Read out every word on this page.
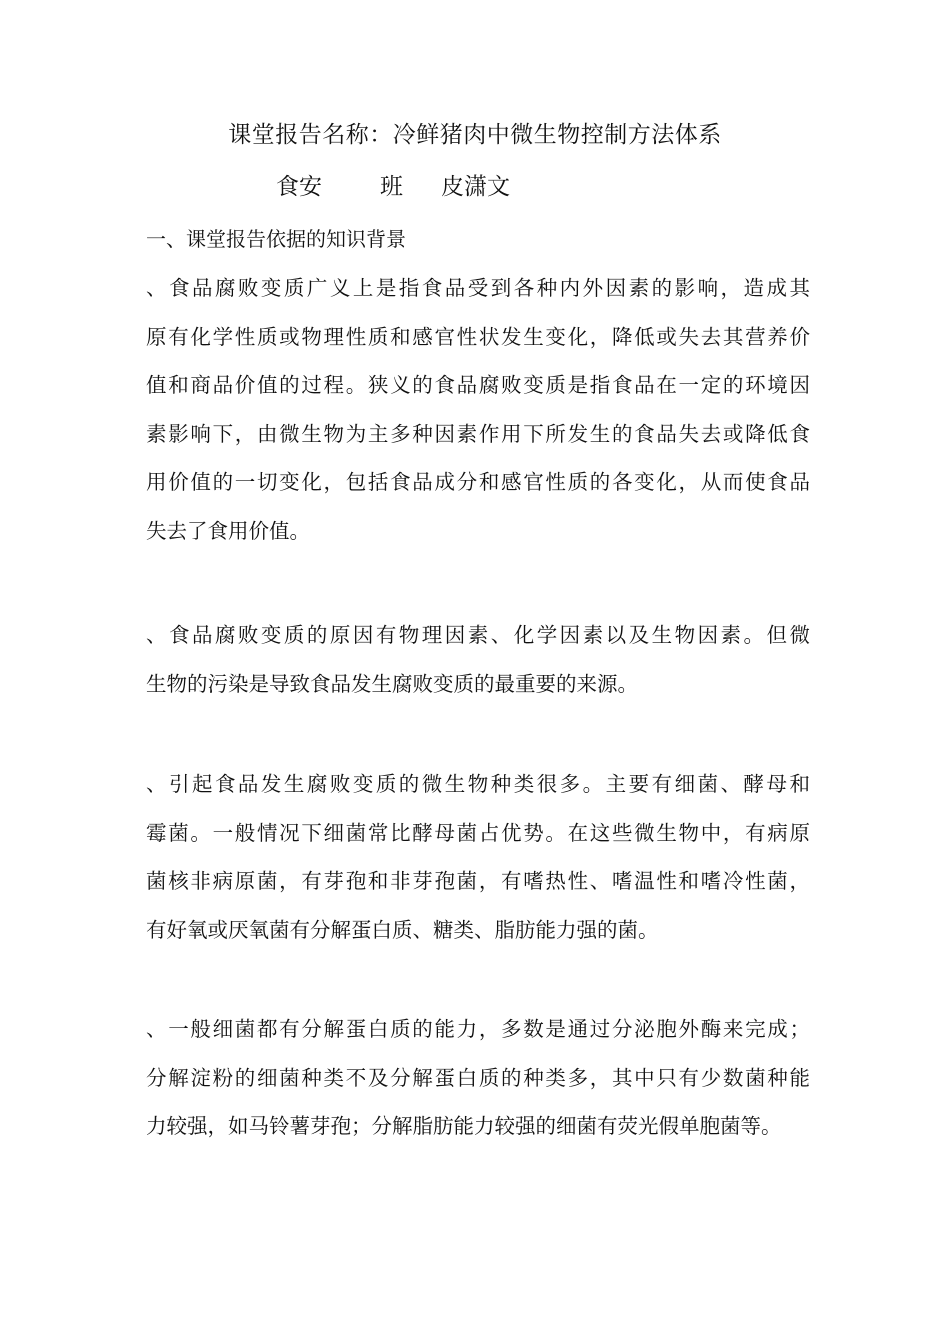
课堂报告名称：冷鲜猪肉中微生物控制方法体系
食安	班 皮潇文
一、课堂报告依据的知识背景
、食品腐败变质广义上是指食品受到各种内外因素的影响，造成其
原有化学性质或物理性质和感官性状发生变化，降低或失去其营养价
值和商品价值的过程。狭义的食品腐败变质是指食品在一定的环境因
素影响下，由微生物为主多种因素作用下所发生的食品失去或降低食
用价值的一切变化，包括食品成分和感官性质的各变化，从而使食品
失去了食用价值。
、食品腐败变质的原因有物理因素、化学因素以及生物因素。但微
生物的污染是导致食品发生腐败变质的最重要的来源。
、引起食品发生腐败变质的微生物种类很多。主要有细菌、酵母和
霉菌。一般情况下细菌常比酵母菌占优势。在这些微生物中，有病原
菌核非病原菌，有芽孢和非芽孢菌，有嗜热性、嗜温性和嗜冷性菌，
有好氧或厌氧菌有分解蛋白质、糖类、脂肪能力强的菌。
、一般细菌都有分解蛋白质的能力，多数是通过分泌胞外酶来完成；
分解淀粉的细菌种类不及分解蛋白质的种类多，其中只有少数菌种能
力较强，如马铃薯芽孢；分解脂肪能力较强的细菌有荧光假单胞菌等。
